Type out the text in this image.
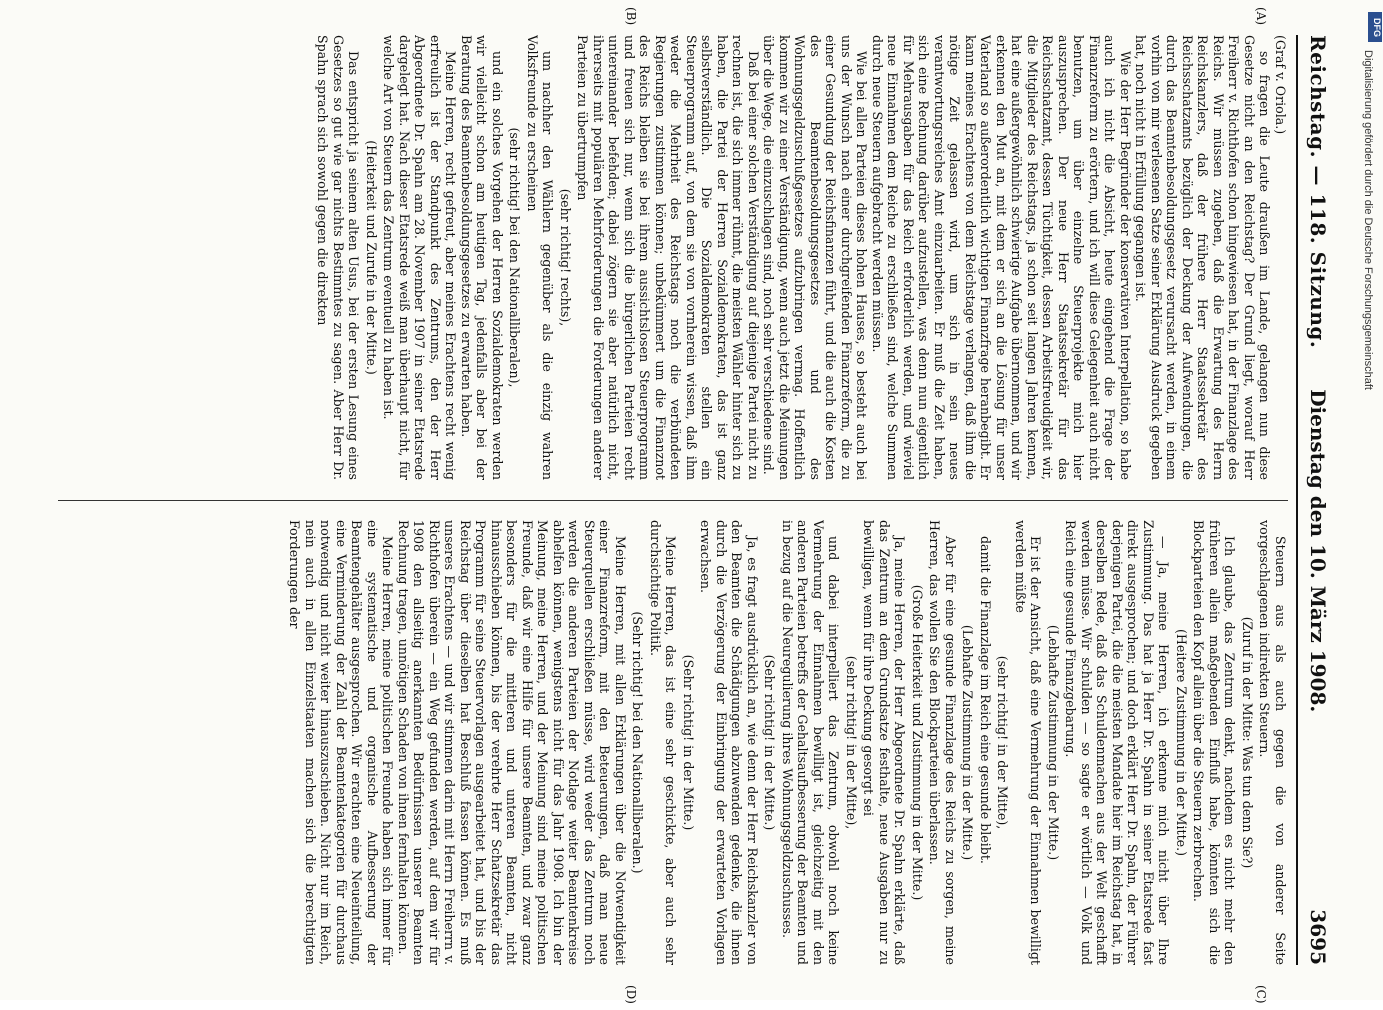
Reichstag. — 118. Sitzung.
Dienstag den 10. März 1908. 3695
(A)
(B)
(C)
(D)

(Graf v. Oriola.)

so fragen die Leute draußen im Lande, gelangen nun diese Gesetze nicht an den Reichstag? Der Grund liegt, worauf Herr Freiherr v. Richthofen schon hingewiesen hat, in der Finanzlage des Reichs. Wir müssen zugeben, daß die Erwartung des Herrn Reichskanzlers, daß der frühere Herr Staatssekretär des Reichsschatzamts bezüglich der Deckung der Aufwendungen, die durch das Beamtenbesoldungsgesetz verursacht werden, in einem vorhin von mir verlesenen Satze seiner Erklärung Ausdruck gegeben hat, noch nicht in Erfüllung gegangen ist.

Wie der Herr Begründer der konservativen Interpellation, so habe auch ich nicht die Absicht, heute eingehend die Frage der Finanzreform zu erörtern, und ich will diese Gelegenheit auch nicht benutzen, um über einzelne Steuerprojekte mich hier auszusprechen. Der neue Herr Staatssekretär für das Reichsschatzamt, dessen Tüchtigkeit, dessen Arbeitsfreudigkeit wir, die Mitglieder des Reichstags, ja schon seit langen Jahren kennen, hat eine außergewöhnlich schwierige Aufgabe übernommen, und wir erkennen den Mut an, mit dem er sich an die Lösung für unser Vaterland so außerordentlich wichtigen Finanzfrage heranbegibt. Er kann meines Erachtens von dem Reichstage verlangen, daß ihm die nötige Zeit gelassen wird, um sich in sein neues verantwortungsreiches Amt einzuarbeiten. Er muß die Zeit haben, sich eine Rechnung darüber aufzustellen, was denn nun eigentlich für Mehrausgaben für das Reich erforderlich werden, und wieviel neue Einnahmen dem Reiche zu erschließen sind, welche Summen durch neue Steuern aufgebracht werden müssen.

Wie bei allen Parteien dieses hohen Hauses, so besteht auch bei uns der Wunsch nach einer durchgreifenden Finanzreform, die zu einer Gesundung der Reichsfinanzen führt, und die auch die Kosten des Beamtenbesoldungsgesetzes und des Wohnungsgeldzuschußgesetzes aufzubringen vermag. Hoffentlich kommen wir zu einer Verständigung, wenn auch jetzt die Meinungen über die Wege, die einzuschlagen sind, noch sehr verschiedene sind.

Daß bei einer solchen Verständigung auf diejenige Partei nicht zu rechnen ist, die sich immer rühmt, die meisten Wähler hinter sich zu haben, die Partei der Herren Sozialdemokraten, das ist ganz selbstverständlich. Die Sozialdemokraten stellen ein Steuerprogramm auf, von dem sie von vornherein wissen, daß ihm weder die Mehrheit des Reichstags noch die verbündeten Regierungen zustimmen können; unbekümmert um die Finanznot des Reichs bleiben sie bei ihrem aussichtslosen Steuerprogramm und freuen sich nur, wenn sich die bürgerlichen Parteien recht untereinander befehden; dabei zögern sie aber natürlich nicht, ihrerseits mit populären Mehrforderungen die Forderungen anderer Parteien zu übertrumpfen

(sehr richtig! rechts),

um nachher den Wählern gegenüber als die einzig wahren Volksfreunde zu erscheinen

(sehr richtig! bei den Nationalliberalen),

und ein solches Vorgehen der Herren Sozialdemokraten werden wir vielleicht schon am heutigen Tag, jedenfalls aber bei der Beratung des Beamtenbesoldungsgesetzes zu erwarten haben.

Meine Herren, recht gefreut, aber meines Erachtens recht wenig erfreulich ist der Standpunkt des Zentrums, den der Herr Abgeordnete Dr. Spahn am 28. November 1907 in seiner Etatsrede dargelegt hat. Nach dieser Etatsrede weiß man überhaupt nicht, für welche Art von Steuern das Zentrum eventuell zu haben ist.

(Heiterkeit und Zurufe in der Mitte.)

Das entspricht ja seinem alten Usus, bei der ersten Lesung eines Gesetzes so gut wie gar nichts Bestimmtes zu sagen. Aber Herr Dr. Spahn sprach sich sowohl gegen die direkten

Steuern aus als auch gegen die von anderer Seite vorgeschlagenen indirekten Steuern.

(Zuruf in der Mitte: Was tun denn Sie?)

Ich glaube, das Zentrum denkt, nachdem es nicht mehr den früheren allein maßgebenden Einfluß habe, könnten sich die Blockparteien den Kopf allein über die Steuern zerbrechen.

(Heitere Zustimmung in der Mitte.)

— Ja, meine Herren, ich erkenne mich nicht über Ihre Zustimmung. Das hat ja Herr Dr. Spahn in seiner Etatsrede fast direkt ausgesprochen; und doch erklärt Herr Dr. Spahn, der Führer derjenigen Partei, die die meisten Mandate hier im Reichstag hat, in derselben Rede, daß das Schuldenmachen aus der Welt geschafft werden müsse. Wir schulden — so sagte er wörtlich — Volk und Reich eine gesunde Finanzgebarung.

(Lebhafte Zustimmung in der Mitte.)

Er ist der Ansicht, daß eine Vermehrung der Einnahmen bewilligt werden müßte

(sehr richtig! in der Mitte),

damit die Finanzlage im Reich eine gesunde bleibt.

(Lebhafte Zustimmung in der Mitte.)

Aber für eine gesunde Finanzlage des Reichs zu sorgen, meine Herren, das wollen Sie den Blockparteien überlassen.

(Große Heiterkeit und Zustimmung in der Mitte.)

Ja, meine Herren, der Herr Abgeordnete Dr. Spahn erklärte, daß das Zentrum an dem Grundsatze festhalte, neue Ausgaben nur zu bewilligen, wenn für ihre Deckung gesorgt sei

(sehr richtig! in der Mitte),

und dabei interpelliert das Zentrum, obwohl noch keine Vermehrung der Einnahmen bewilligt ist, gleichzeitig mit den anderen Parteien betreffs der Gehaltsaufbesserung der Beamten und in bezug auf die Neuregulierung ihres Wohnungsgeldzuschusses.

(Sehr richtig! in der Mitte.)

Ja, es fragt ausdrücklich an, wie denn der Herr Reichskanzler von den Beamten die Schädigungen abzuwenden gedenke, die ihnen durch die Verzögerung der Einbringung der erwarteten Vorlagen erwachsen.

(Sehr richtig! in der Mitte.)

Meine Herren, das ist eine sehr geschickte, aber auch sehr durchsichtige Politik.

(Sehr richtig! bei den Nationalliberalen.)

Meine Herren, mit allen Erklärungen über die Notwendigkeit einer Finanzreform, mit den Beteuerungen, daß man neue Steuerquellen erschließen müsse, wird weder das Zentrum noch werden die anderen Parteien der Notlage weiter Beamtenkreise abhelfen können, wenigstens nicht für das Jahr 1908. Ich bin der Meinung, meine Herren, und der Meinung sind meine politischen Freunde, daß wir eine Hilfe für unsere Beamten, und zwar ganz besonders für die mittleren und unteren Beamten, nicht hinausschieben können, bis der verehrte Herr Schatzsekretär das Programm für seine Steuervorlagen ausgearbeitet hat, und bis der Reichstag über dieselben hat Beschluß fassen können. Es muß unseres Erachtens — und wir stimmen darin mit Herrn Freiherrn v. Richthofen überein — ein Weg gefunden werden, auf dem wir für 1908 den allseitig anerkannten Bedürfnissen unserer Beamten Rechnung tragen, unnötigen Schaden von ihnen fernhalten können.

Meine Herren, meine politischen Freunde haben sich immer für eine systematische und organische Aufbesserung der Beamtengehälter ausgesprochen. Wir erachten eine Neueinteilung, eine Verminderung der Zahl der Beamtenkategorien für durchaus notwendig und nicht weiter hinauszuschieben. Nicht nur im Reich, nein auch in allen Einzelstaaten machen sich die berechtigten Forderungen der

DFG
Digitalisierung gefördert durch die Deutsche Forschungsgemeinschaft
